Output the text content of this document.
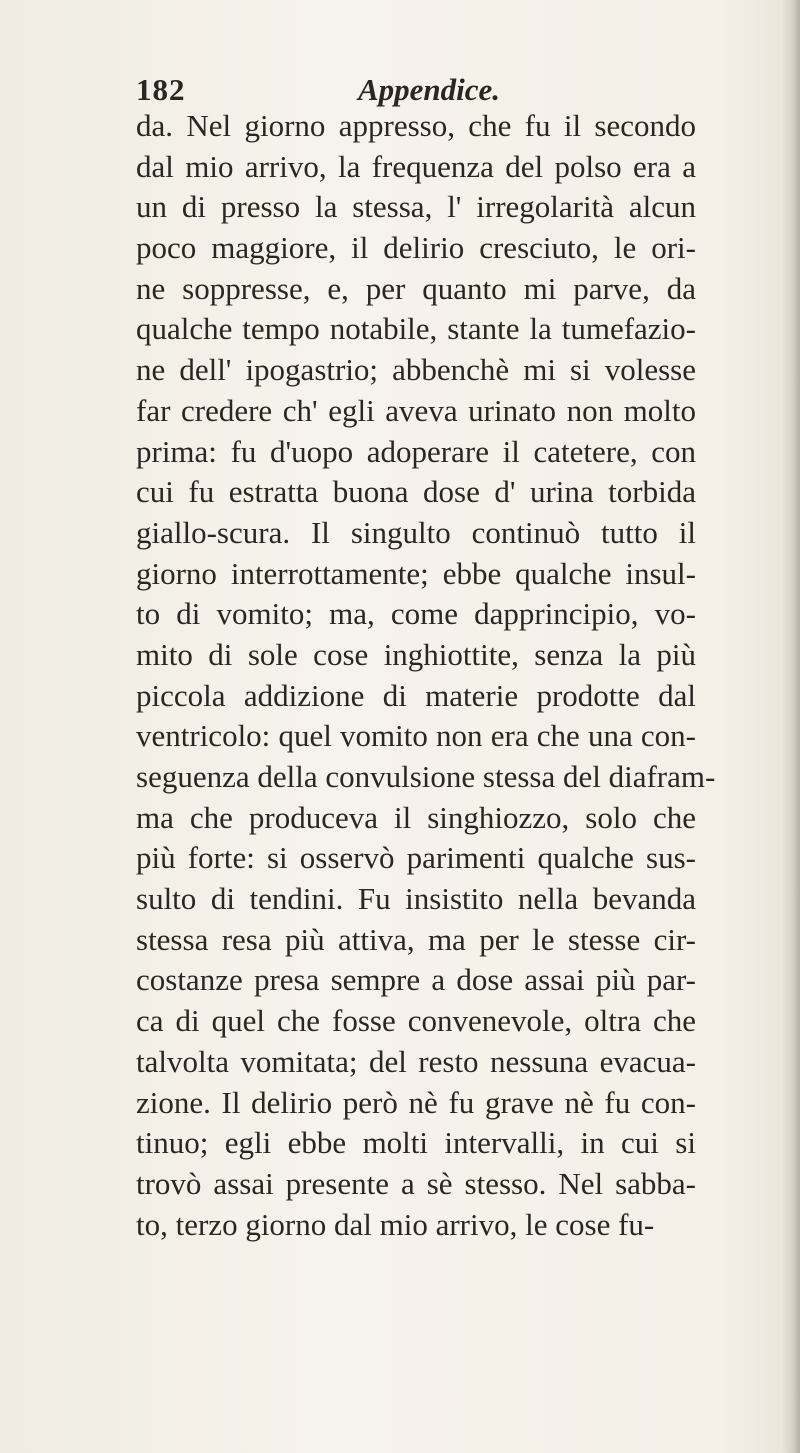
182	Appendice.
da. Nel giorno appresso, che fu il secondo
dal mio arrivo, la frequenza del polso era a
un di presso la stessa, l' irregolarità alcun
poco maggiore, il delirio cresciuto, le ori-
ne soppresse, e, per quanto mi parve, da
qualche tempo notabile, stante la tumefazio-
ne dell' ipogastrio; abbenchè mi si volesse
far credere ch' egli aveva urinato non molto
prima: fu d'uopo adoperare il catetere, con
cui fu estratta buona dose d' urina torbida
giallo-scura. Il singulto continuò tutto il
giorno interrottamente; ebbe qualche insul-
to di vomito; ma, come dapprincipio, vo-
mito di sole cose inghiottite, senza la più
piccola addizione di materie prodotte dal
ventricolo: quel vomito non era che una con-
seguenza della convulsione stessa del diafram-
ma che produceva il singhiozzo, solo che
più forte: si osservò parimenti qualche sus-
sulto di tendini. Fu insistito nella bevanda
stessa resa più attiva, ma per le stesse cir-
costanze presa sempre a dose assai più par-
ca di quel che fosse convenevole, oltra che
talvolta vomitata; del resto nessuna evacua-
zione. Il delirio però nè fu grave nè fu con-
tinuo; egli ebbe molti intervalli, in cui si
trovò assai presente a sè stesso. Nel sabba-
to, terzo giorno dal mio arrivo, le cose fu-
